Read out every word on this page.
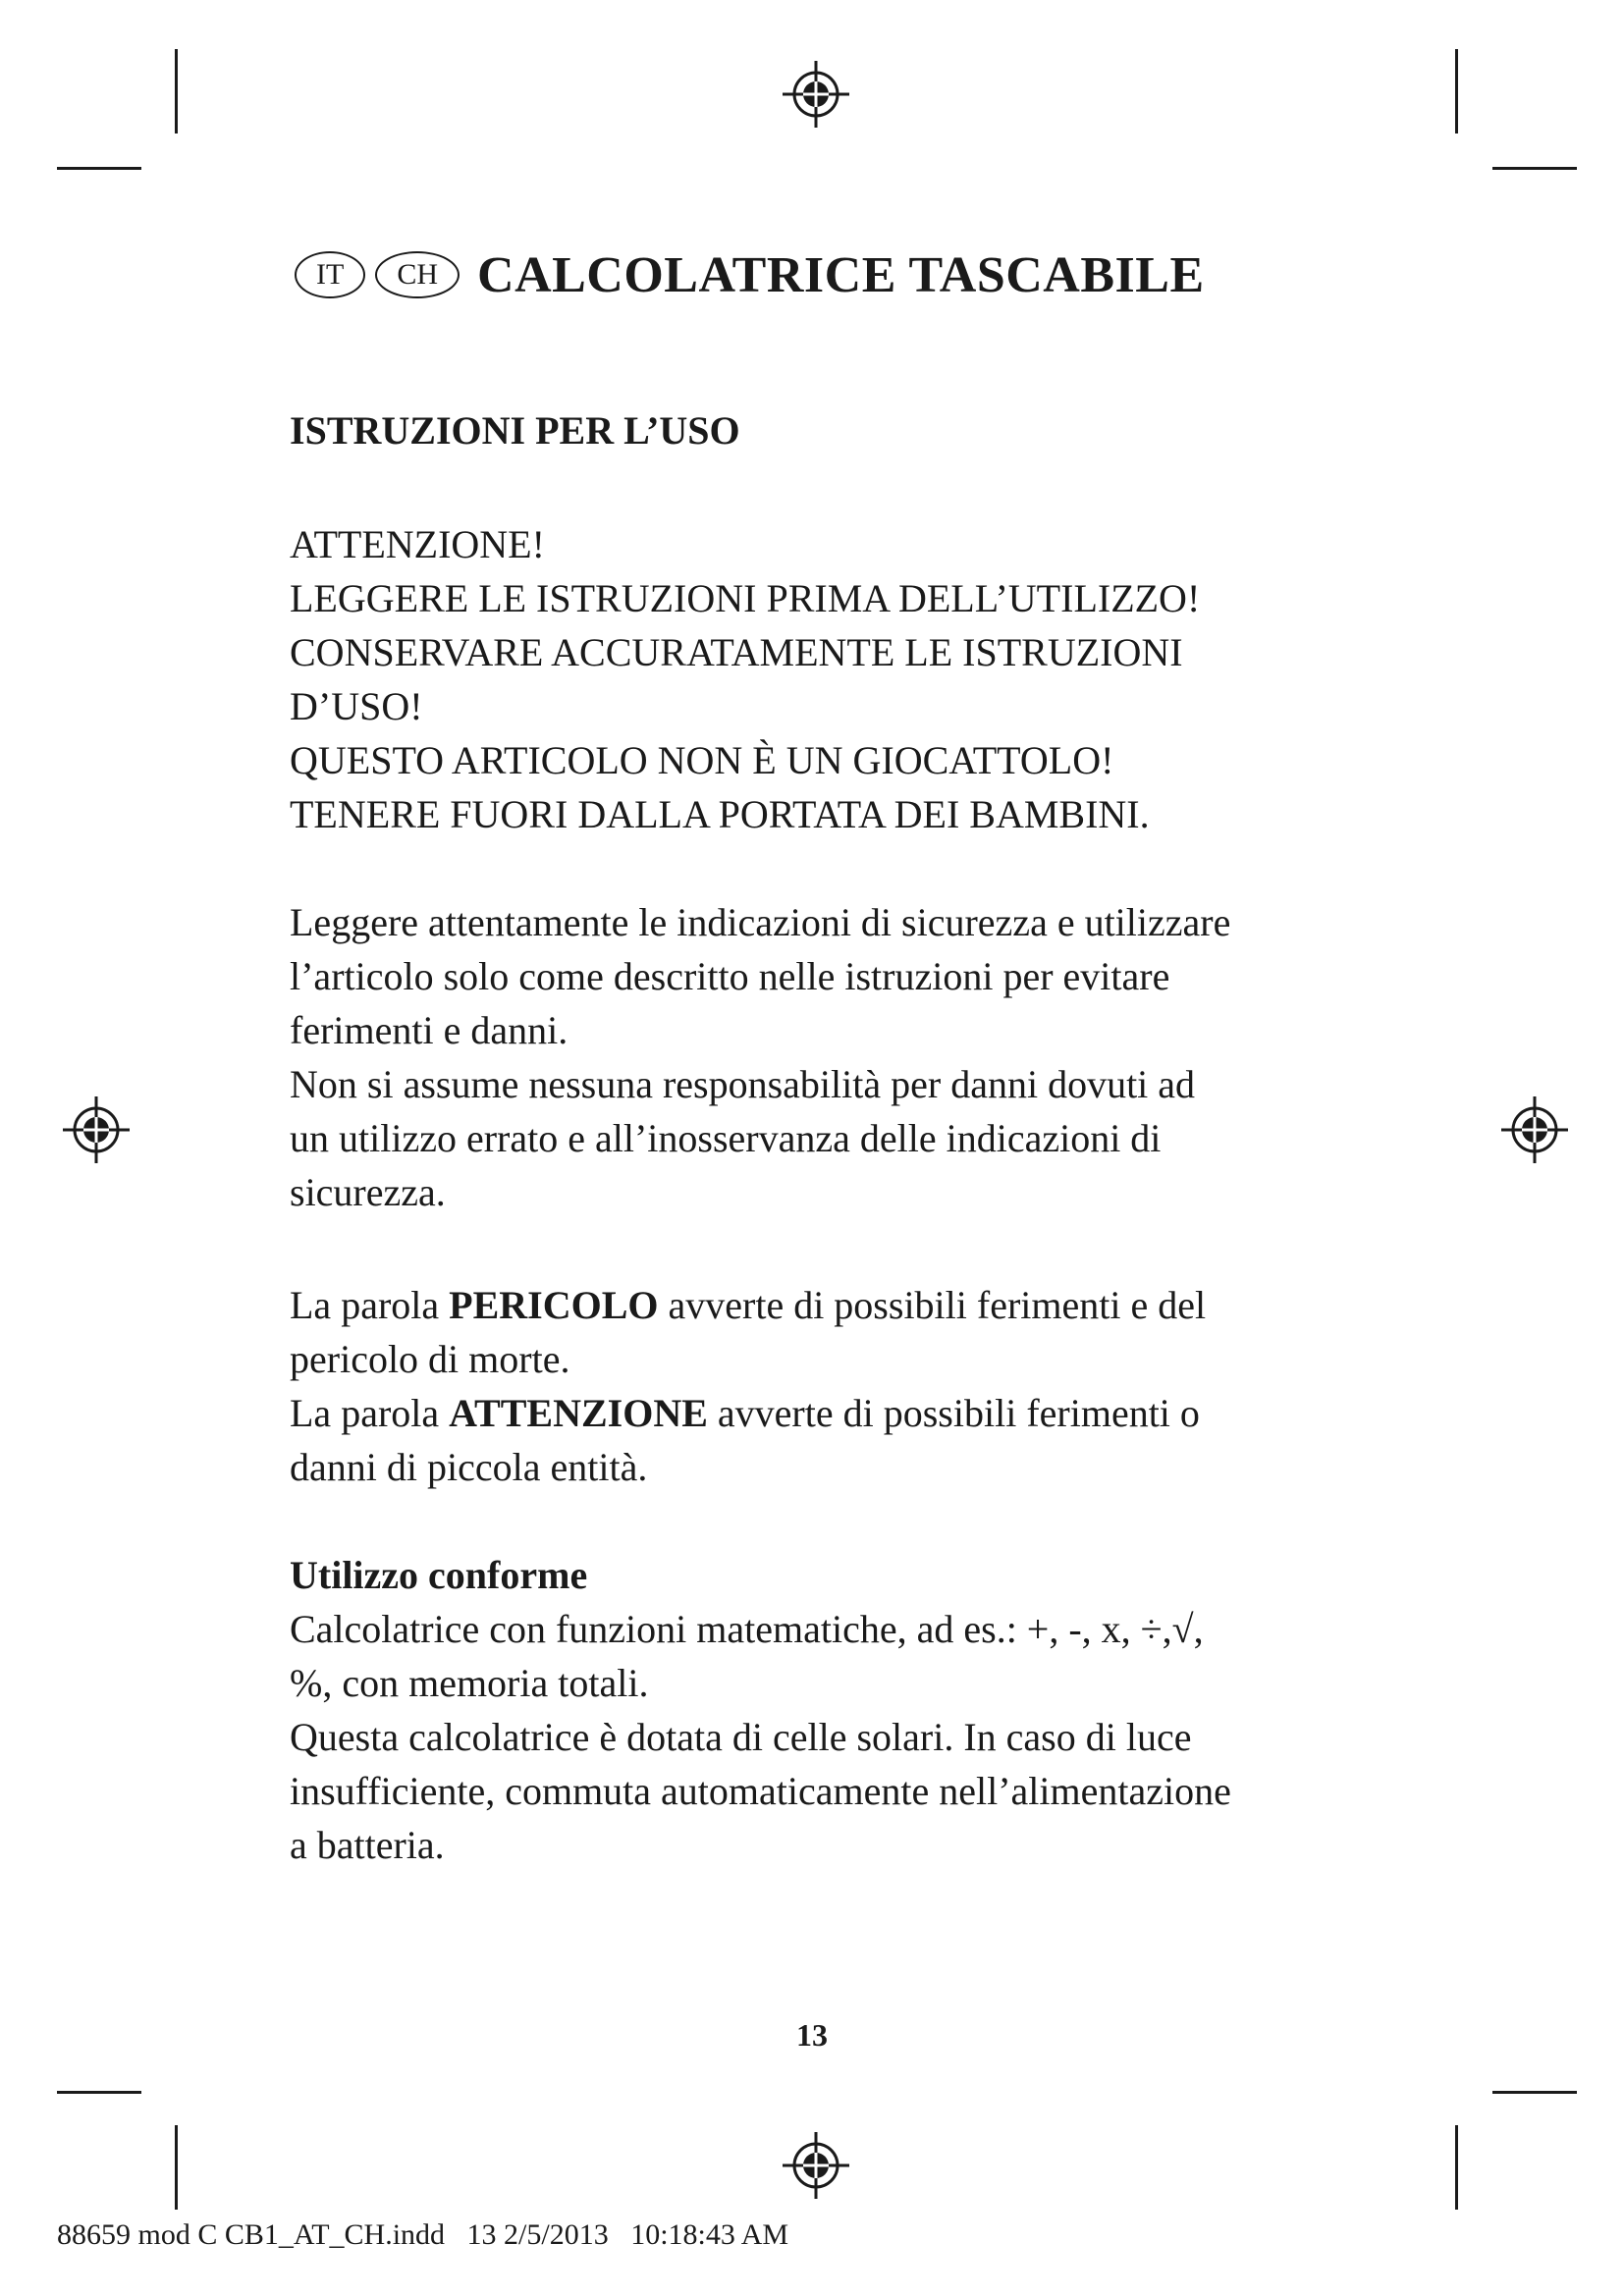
IT	CH CALCOLATRICE TASCABILE
ISTRUZIONI PER L’USO
ATTENZIONE!
LEGGERE LE ISTRUZIONI PRIMA DELL’UTILIZZO!
CONSERVARE ACCURATAMENTE LE ISTRUZIONI
D’USO!
QUESTO ARTICOLO NON È UN GIOCATTOLO!
TENERE FUORI DALLA PORTATA DEI BAMBINI.
Leggere attentamente le indicazioni di sicurezza e utilizzare
l’articolo solo come descritto nelle istruzioni per evitare
ferimenti e danni.
Non si assume nessuna responsabilità per danni dovuti ad
un utilizzo errato e all’inosservanza delle indicazioni di
sicurezza.
La parola PERICOLO avverte di possibili ferimenti e del
pericolo di morte.
La parola ATTENZIONE avverte di possibili ferimenti o
danni di piccola entità.
Utilizzo conforme
Calcolatrice con funzioni matematiche, ad es.: +, -, x, ÷,√,
%, con memoria totali.
Questa calcolatrice è dotata di celle solari. In caso di luce
insufficiente, commuta automaticamente nell’alimentazione
a batteria.
13
88659 mod C CB1_AT_CH.indd   13 2/5/2013   10:18:43 AM
